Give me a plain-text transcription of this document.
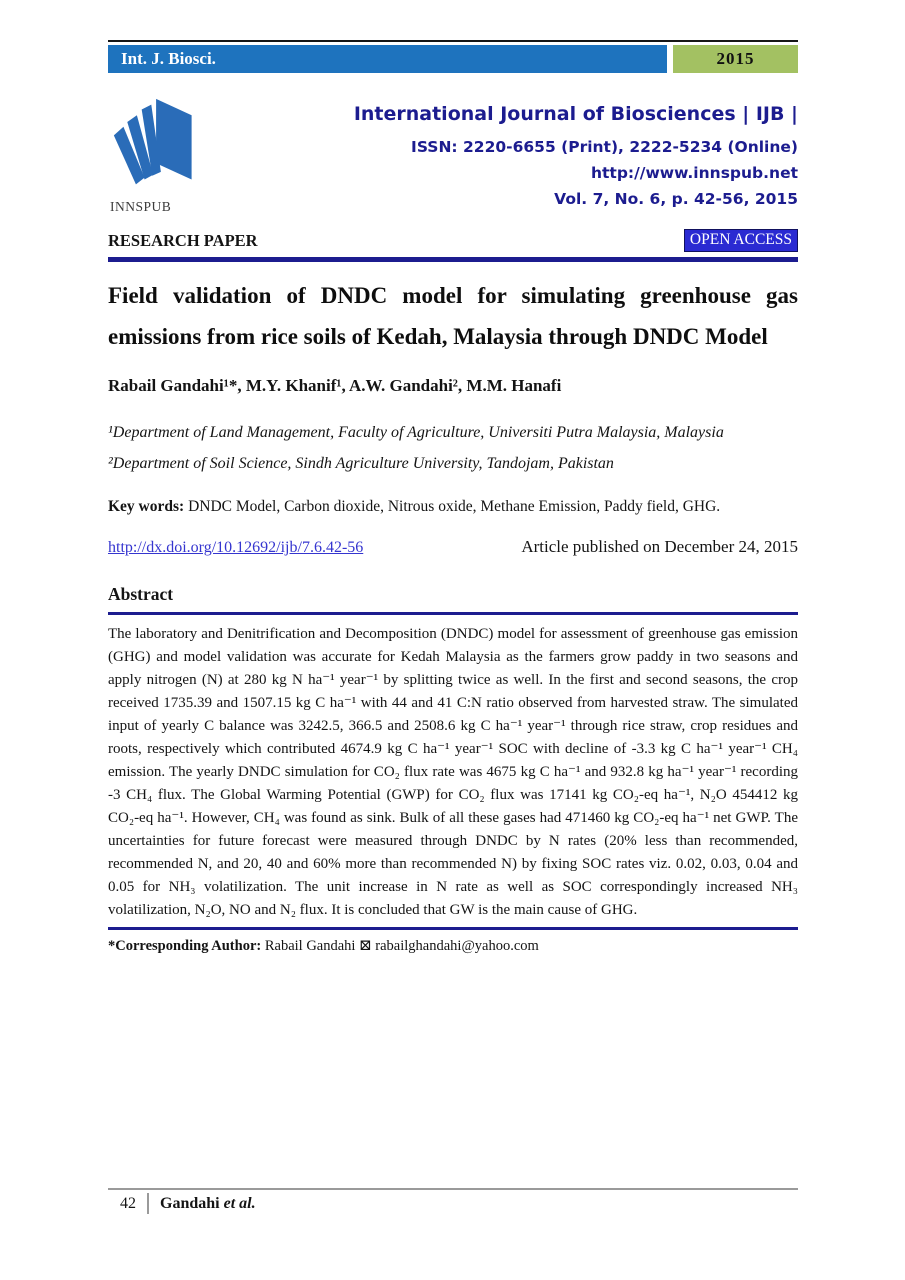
Int. J. Biosci.	2015
INNSPUB
International Journal of Biosciences | IJB |
ISSN: 2220-6655 (Print), 2222-5234 (Online)
http://www.innspub.net
Vol. 7, No. 6, p. 42-56, 2015
RESEARCH PAPER	OPEN ACCESS
Field validation of DNDC model for simulating greenhouse gas emissions from rice soils of Kedah, Malaysia through DNDC Model
Rabail Gandahi¹*, M.Y. Khanif¹, A.W. Gandahi², M.M. Hanafi
¹Department of Land Management, Faculty of Agriculture, Universiti Putra Malaysia, Malaysia
²Department of Soil Science, Sindh Agriculture University, Tandojam, Pakistan
Key words: DNDC Model, Carbon dioxide, Nitrous oxide, Methane Emission, Paddy field, GHG.
http://dx.doi.org/10.12692/ijb/7.6.42-56	Article published on December 24, 2015
Abstract
The laboratory and Denitrification and Decomposition (DNDC) model for assessment of greenhouse gas emission (GHG) and model validation was accurate for Kedah Malaysia as the farmers grow paddy in two seasons and apply nitrogen (N) at 280 kg N ha⁻¹ year⁻¹ by splitting twice as well. In the first and second seasons, the crop received 1735.39 and 1507.15 kg C ha⁻¹ with 44 and 41 C:N ratio observed from harvested straw. The simulated input of yearly C balance was 3242.5, 366.5 and 2508.6 kg C ha⁻¹ year⁻¹ through rice straw, crop residues and roots, respectively which contributed 4674.9 kg C ha⁻¹ year⁻¹ SOC with decline of -3.3 kg C ha⁻¹ year⁻¹ CH₄ emission. The yearly DNDC simulation for CO₂ flux rate was 4675 kg C ha⁻¹ and 932.8 kg ha⁻¹ year⁻¹ recording -3 CH₄ flux. The Global Warming Potential (GWP) for CO₂ flux was 17141 kg CO₂-eq ha⁻¹, N₂O 454412 kg CO₂-eq ha⁻¹. However, CH₄ was found as sink. Bulk of all these gases had 471460 kg CO₂-eq ha⁻¹ net GWP. The uncertainties for future forecast were measured through DNDC by N rates (20% less than recommended, recommended N, and 20, 40 and 60% more than recommended N) by fixing SOC rates viz. 0.02, 0.03, 0.04 and 0.05 for NH₃ volatilization. The unit increase in N rate as well as SOC correspondingly increased NH₃ volatilization, N₂O, NO and N₂ flux. It is concluded that GW is the main cause of GHG.
*Corresponding Author: Rabail Gandahi ⊠ rabailghandahi@yahoo.com
42 Gandahi et al.
